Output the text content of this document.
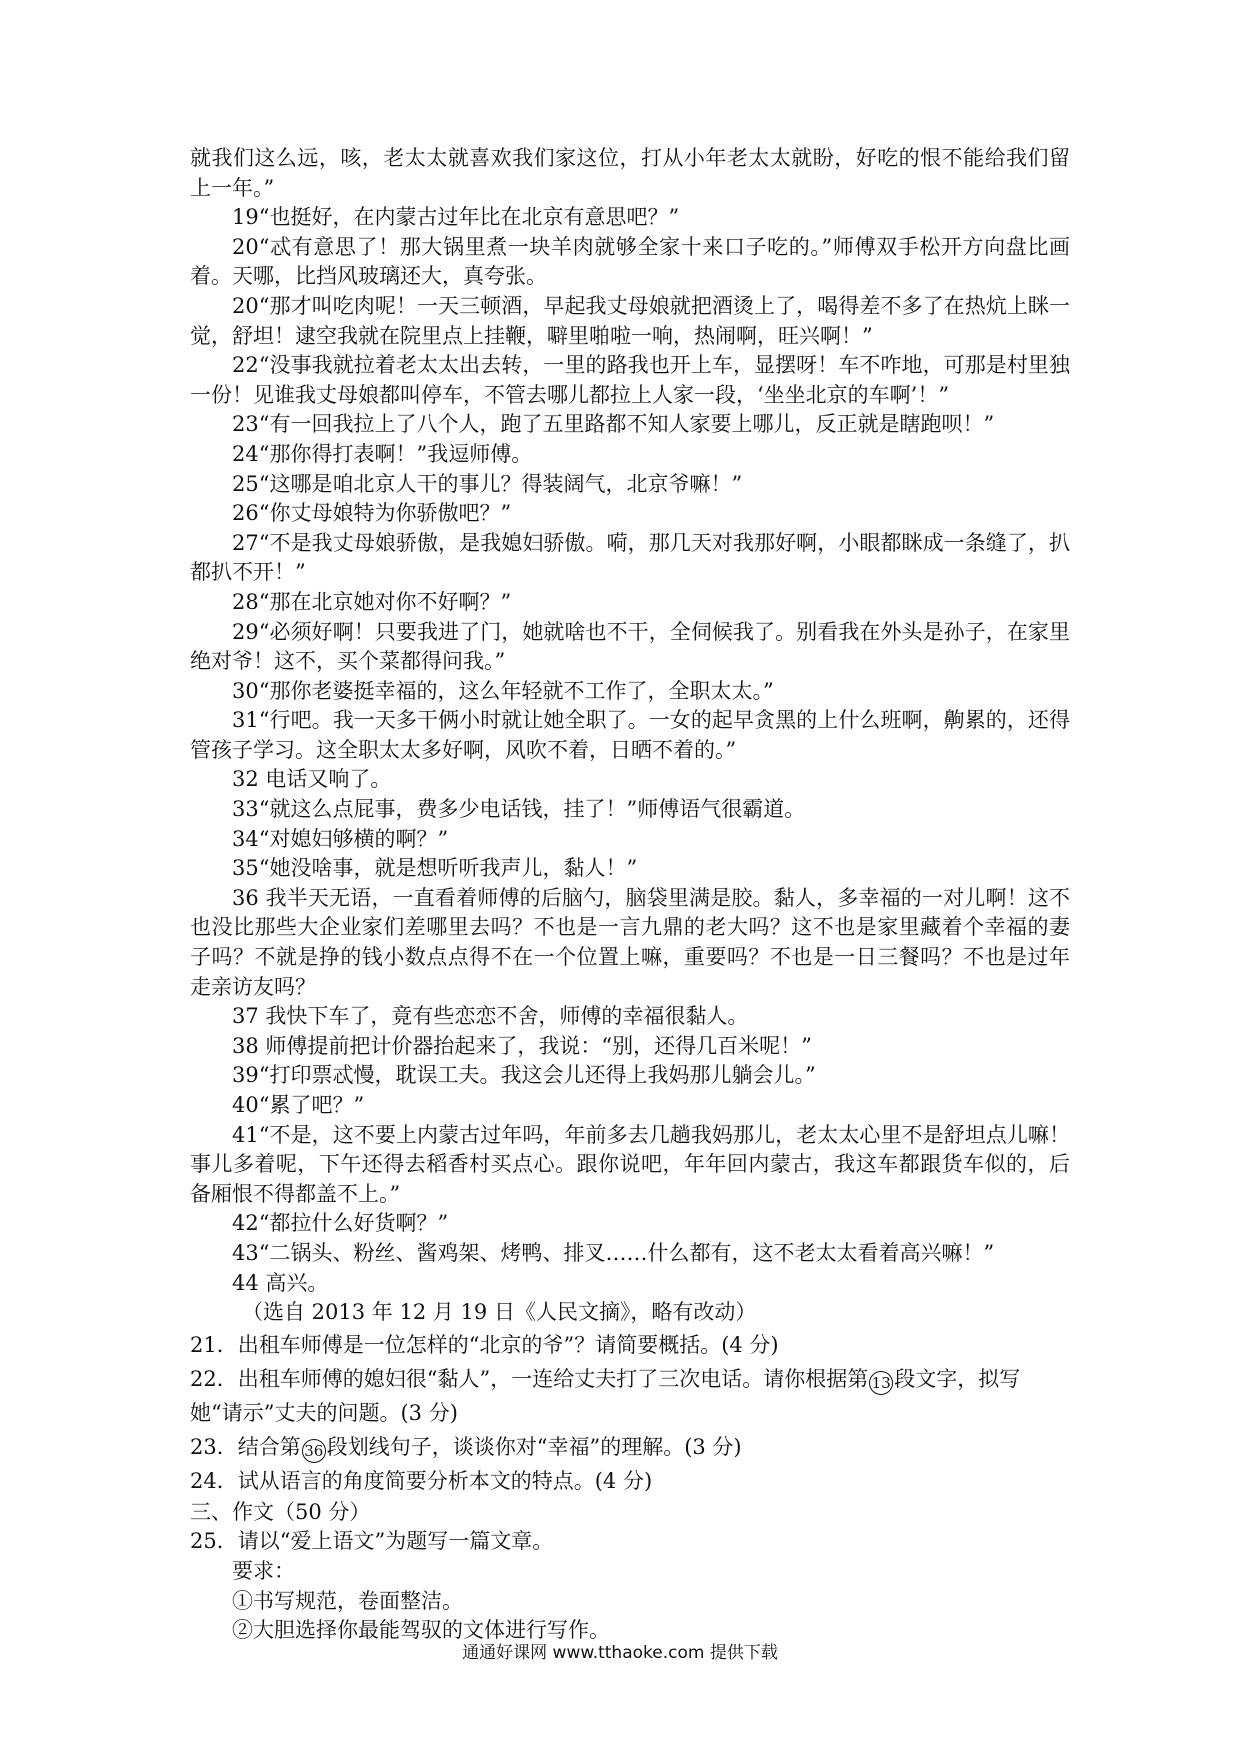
就我们这么远，咳，老太太就喜欢我们家这位，打从小年老太太就盼，好吃的恨不能给我们留上一年。”

19“也挺好，在内蒙古过年比在北京有意思吧？”

20“忒有意思了！那大锅里煮一块羊肉就够全家十来口子吃的。”师傅双手松开方向盘比画着。天哪，比挡风玻璃还大，真夸张。

20“那才叫吃肉呢！一天三顿酒，早起我丈母娘就把酒烫上了，喝得差不多了在热炕上眯一觉，舒坦！逮空我就在院里点上挂鞭，噼里啪啦一响，热闹啊，旺兴啊！”

22“没事我就拉着老太太出去转，一里的路我也开上车，显摆呀！车不咋地，可那是村里独一份！见谁我丈母娘都叫停车，不管去哪儿都拉上人家一段，‘坐坐北京的车啊’！”

23“有一回我拉上了八个人，跑了五里路都不知人家要上哪儿，反正就是瞎跑呗！”

24“那你得打表啊！”我逗师傅。

25“这哪是咱北京人干的事儿？得装阔气，北京爷嘛！”

26“你丈母娘特为你骄傲吧？”

27“不是我丈母娘骄傲，是我媳妇骄傲。嗬，那几天对我那好啊，小眼都眯成一条缝了，扒都扒不开！”

28“那在北京她对你不好啊？”

29“必须好啊！只要我进了门，她就啥也不干，全伺候我了。别看我在外头是孙子，在家里绝对爷！这不，买个菜都得问我。”

30“那你老婆挺幸福的，这么年轻就不工作了，全职太太。”

31“行吧。我一天多干俩小时就让她全职了。一女的起早贪黑的上什么班啊，齁累的，还得管孩子学习。这全职太太多好啊，风吹不着，日晒不着的。”

32 电话又响了。

33“就这么点屁事，费多少电话钱，挂了！”师傅语气很霸道。

34“对媳妇够横的啊？”

35“她没啥事，就是想听听我声儿，黏人！”

36 我半天无语，一直看着师傅的后脑勺，脑袋里满是胶。黏人，多幸福的一对儿啊！这不也没比那些大企业家们差哪里去吗？不也是一言九鼎的老大吗？这不也是家里藏着个幸福的妻子吗？不就是挣的钱小数点点得不在一个位置上嘛，重要吗？不也是一日三餐吗？不也是过年走亲访友吗？

37 我快下车了，竟有些恋恋不舍，师傅的幸福很黏人。

38 师傅提前把计价器抬起来了，我说：“别，还得几百米呢！”

39“打印票忒慢，耽误工夫。我这会儿还得上我妈那儿躺会儿。”

40“累了吧？”

41“不是，这不要上内蒙古过年吗，年前多去几趟我妈那儿，老太太心里不是舒坦点儿嘛！事儿多着呢，下午还得去稻香村买点心。跟你说吧，年年回内蒙古，我这车都跟货车似的，后备厢恨不得都盖不上。”

42“都拉什么好货啊？”

43“二锅头、粉丝、酱鸡架、烤鸭、排叉……什么都有，这不老太太看着高兴嘛！”

44 高兴。

（选自 2013 年 12 月 19 日《人民文摘》，略有改动）

21．出租车师傅是一位怎样的“北京的爷”？请简要概括。(4 分)

22．出租车师傅的媳妇很“黏人”，一连给丈夫打了三次电话。请你根据第 13 段文字，拟写她“请示”丈夫的问题。(3 分)

23．结合第 36 段划线句子，谈谈你对“幸福”的理解。(3 分)

24．试从语言的角度简要分析本文的特点。(4 分)

三、作文（50 分）

25．请以“爱上语文”为题写一篇文章。

要求：

①书写规范，卷面整洁。

②大胆选择你最能驾驭的文体进行写作。

通通好课网 www.tthaoke.com 提供下载
